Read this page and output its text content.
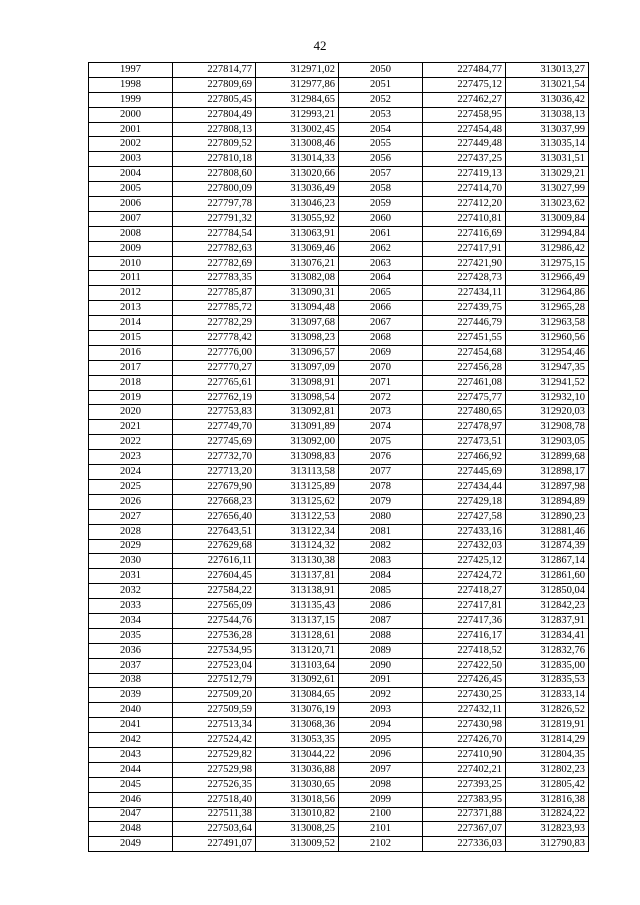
42
1997	227814,77	312971,02	2050	227484,77	313013,27
1998	227809,69	312977,86	2051	227475,12	313021,54
1999	227805,45	312984,65	2052	227462,27	313036,42
2000	227804,49	312993,21	2053	227458,95	313038,13
2001	227808,13	313002,45	2054	227454,48	313037,99
2002	227809,52	313008,46	2055	227449,48	313035,14
2003	227810,18	313014,33	2056	227437,25	313031,51
2004	227808,60	313020,66	2057	227419,13	313029,21
2005	227800,09	313036,49	2058	227414,70	313027,99
2006	227797,78	313046,23	2059	227412,20	313023,62
2007	227791,32	313055,92	2060	227410,81	313009,84
2008	227784,54	313063,91	2061	227416,69	312994,84
2009	227782,63	313069,46	2062	227417,91	312986,42
2010	227782,69	313076,21	2063	227421,90	312975,15
2011	227783,35	313082,08	2064	227428,73	312966,49
2012	227785,87	313090,31	2065	227434,11	312964,86
2013	227785,72	313094,48	2066	227439,75	312965,28
2014	227782,29	313097,68	2067	227446,79	312963,58
2015	227778,42	313098,23	2068	227451,55	312960,56
2016	227776,00	313096,57	2069	227454,68	312954,46
2017	227770,27	313097,09	2070	227456,28	312947,35
2018	227765,61	313098,91	2071	227461,08	312941,52
2019	227762,19	313098,54	2072	227475,77	312932,10
2020	227753,83	313092,81	2073	227480,65	312920,03
2021	227749,70	313091,89	2074	227478,97	312908,78
2022	227745,69	313092,00	2075	227473,51	312903,05
2023	227732,70	313098,83	2076	227466,92	312899,68
2024	227713,20	313113,58	2077	227445,69	312898,17
2025	227679,90	313125,89	2078	227434,44	312897,98
2026	227668,23	313125,62	2079	227429,18	312894,89
2027	227656,40	313122,53	2080	227427,58	312890,23
2028	227643,51	313122,34	2081	227433,16	312881,46
2029	227629,68	313124,32	2082	227432,03	312874,39
2030	227616,11	313130,38	2083	227425,12	312867,14
2031	227604,45	313137,81	2084	227424,72	312861,60
2032	227584,22	313138,91	2085	227418,27	312850,04
2033	227565,09	313135,43	2086	227417,81	312842,23
2034	227544,76	313137,15	2087	227417,36	312837,91
2035	227536,28	313128,61	2088	227416,17	312834,41
2036	227534,95	313120,71	2089	227418,52	312832,76
2037	227523,04	313103,64	2090	227422,50	312835,00
2038	227512,79	313092,61	2091	227426,45	312835,53
2039	227509,20	313084,65	2092	227430,25	312833,14
2040	227509,59	313076,19	2093	227432,11	312826,52
2041	227513,34	313068,36	2094	227430,98	312819,91
2042	227524,42	313053,35	2095	227426,70	312814,29
2043	227529,82	313044,22	2096	227410,90	312804,35
2044	227529,98	313036,88	2097	227402,21	312802,23
2045	227526,35	313030,65	2098	227393,25	312805,42
2046	227518,40	313018,56	2099	227383,95	312816,38
2047	227511,38	313010,82	2100	227371,88	312824,22
2048	227503,64	313008,25	2101	227367,07	312823,93
2049	227491,07	313009,52	2102	227336,03	312790,83
